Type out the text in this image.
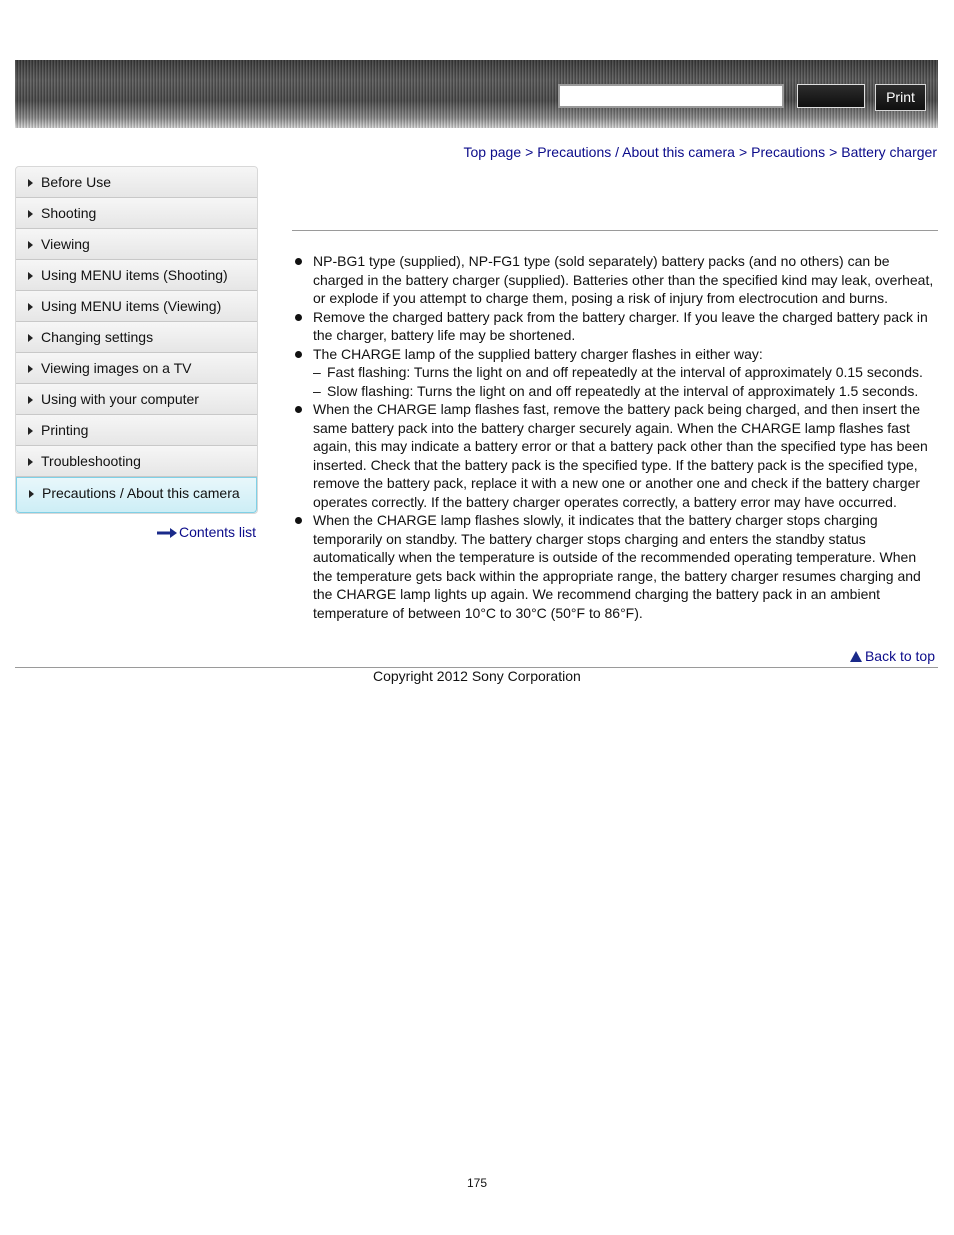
Print
Top page > Precautions / About this camera > Precautions > Battery charger
Before Use
Shooting
Viewing
Using MENU items (Shooting)
Using MENU items (Viewing)
Changing settings
Viewing images on a TV
Using with your computer
Printing
Troubleshooting
Precautions / About this camera
Contents list
NP-BG1 type (supplied), NP-FG1 type (sold separately) battery packs (and no others) can be charged in the battery charger (supplied). Batteries other than the specified kind may leak, overheat, or explode if you attempt to charge them, posing a risk of injury from electrocution and burns.
Remove the charged battery pack from the battery charger. If you leave the charged battery pack in the charger, battery life may be shortened.
The CHARGE lamp of the supplied battery charger flashes in either way:
– Fast flashing: Turns the light on and off repeatedly at the interval of approximately 0.15 seconds.
– Slow flashing: Turns the light on and off repeatedly at the interval of approximately 1.5 seconds.
When the CHARGE lamp flashes fast, remove the battery pack being charged, and then insert the same battery pack into the battery charger securely again. When the CHARGE lamp flashes fast again, this may indicate a battery error or that a battery pack other than the specified type has been inserted. Check that the battery pack is the specified type. If the battery pack is the specified type, remove the battery pack, replace it with a new one or another one and check if the battery charger operates correctly. If the battery charger operates correctly, a battery error may have occurred.
When the CHARGE lamp flashes slowly, it indicates that the battery charger stops charging temporarily on standby. The battery charger stops charging and enters the standby status automatically when the temperature is outside of the recommended operating temperature. When the temperature gets back within the appropriate range, the battery charger resumes charging and the CHARGE lamp lights up again. We recommend charging the battery pack in an ambient temperature of between 10°C to 30°C (50°F to 86°F).
Back to top
Copyright 2012 Sony Corporation
175
